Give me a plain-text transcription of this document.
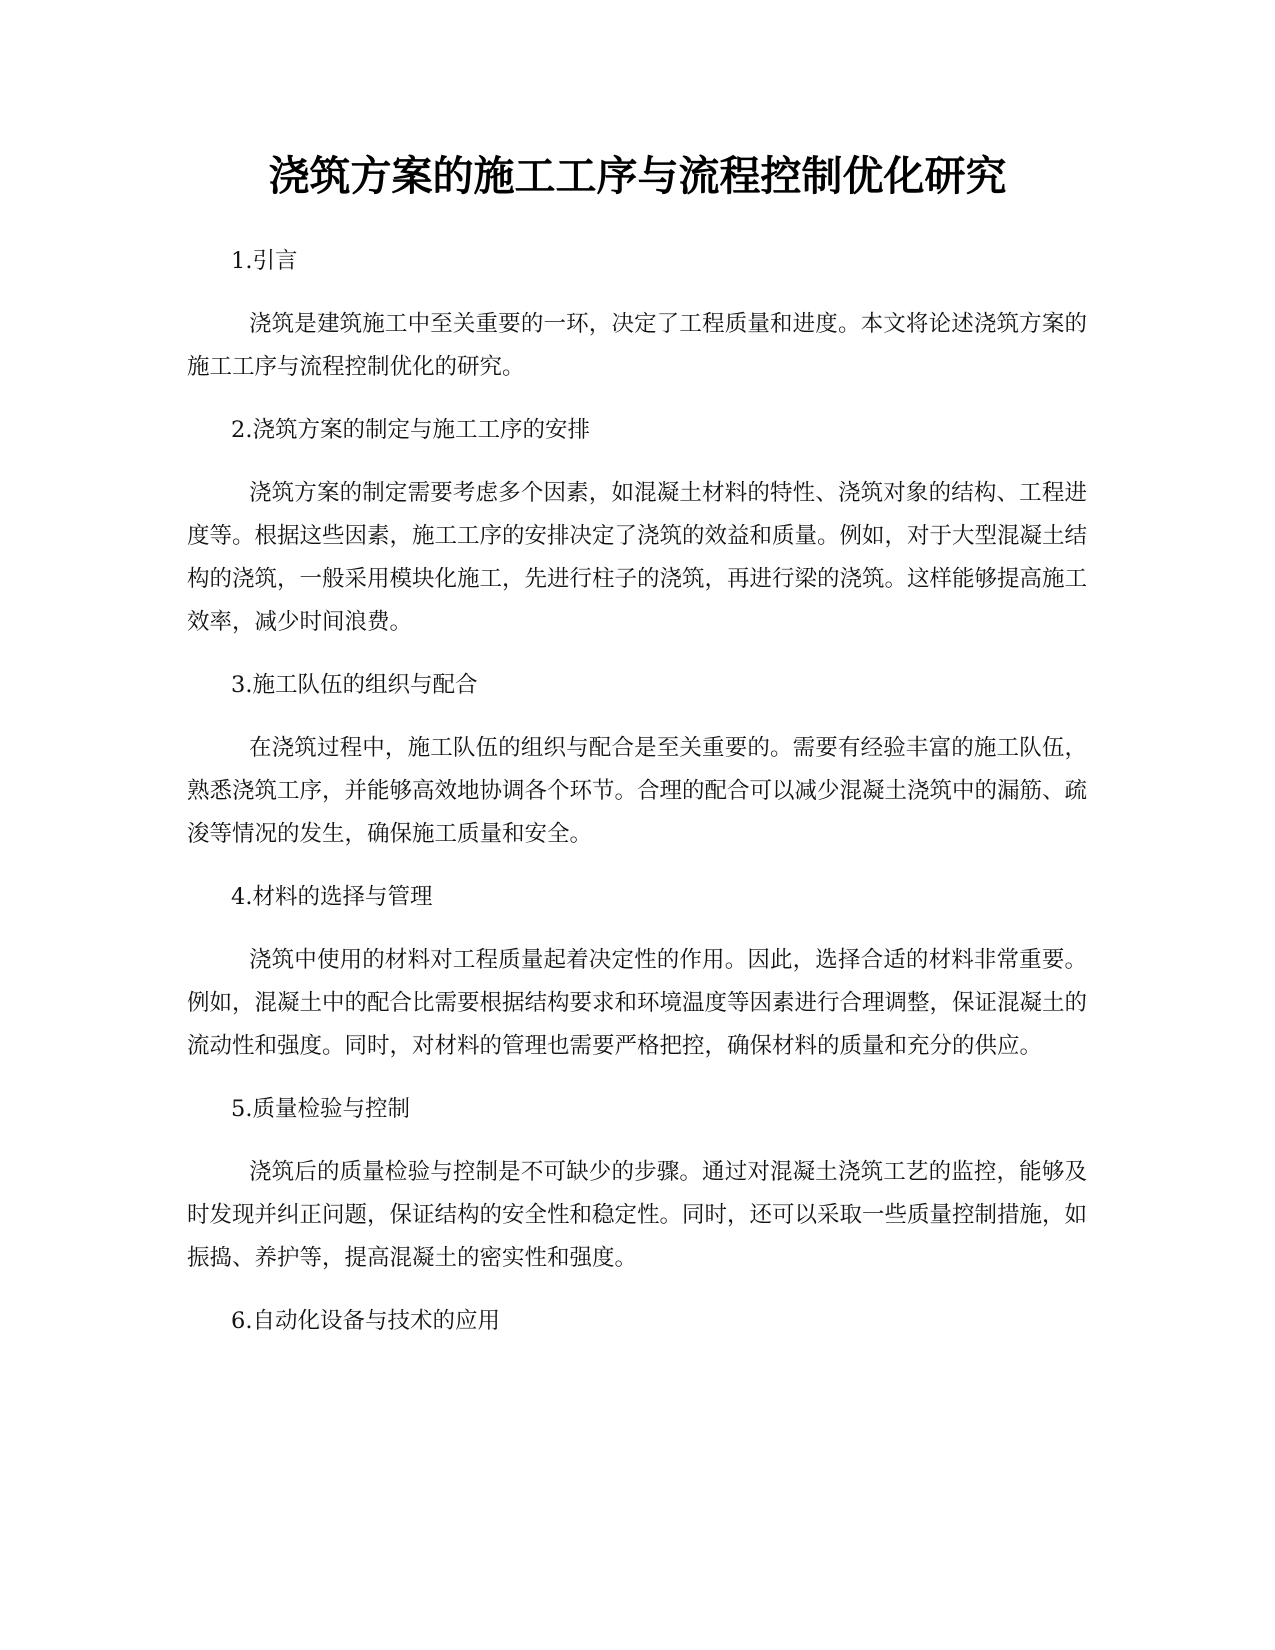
浇筑方案的施工工序与流程控制优化研究

1.引言

浇筑是建筑施工中至关重要的一环，决定了工程质量和进度。本文将论述浇筑方案的施工工序与流程控制优化的研究。

2.浇筑方案的制定与施工工序的安排

浇筑方案的制定需要考虑多个因素，如混凝土材料的特性、浇筑对象的结构、工程进度等。根据这些因素，施工工序的安排决定了浇筑的效益和质量。例如，对于大型混凝土结构的浇筑，一般采用模块化施工，先进行柱子的浇筑，再进行梁的浇筑。这样能够提高施工效率，减少时间浪费。

3.施工队伍的组织与配合

在浇筑过程中，施工队伍的组织与配合是至关重要的。需要有经验丰富的施工队伍，熟悉浇筑工序，并能够高效地协调各个环节。合理的配合可以减少混凝土浇筑中的漏筋、疏浚等情况的发生，确保施工质量和安全。

4.材料的选择与管理

浇筑中使用的材料对工程质量起着决定性的作用。因此，选择合适的材料非常重要。例如，混凝土中的配合比需要根据结构要求和环境温度等因素进行合理调整，保证混凝土的流动性和强度。同时，对材料的管理也需要严格把控，确保材料的质量和充分的供应。

5.质量检验与控制

浇筑后的质量检验与控制是不可缺少的步骤。通过对混凝土浇筑工艺的监控，能够及时发现并纠正问题，保证结构的安全性和稳定性。同时，还可以采取一些质量控制措施，如振捣、养护等，提高混凝土的密实性和强度。

6.自动化设备与技术的应用
